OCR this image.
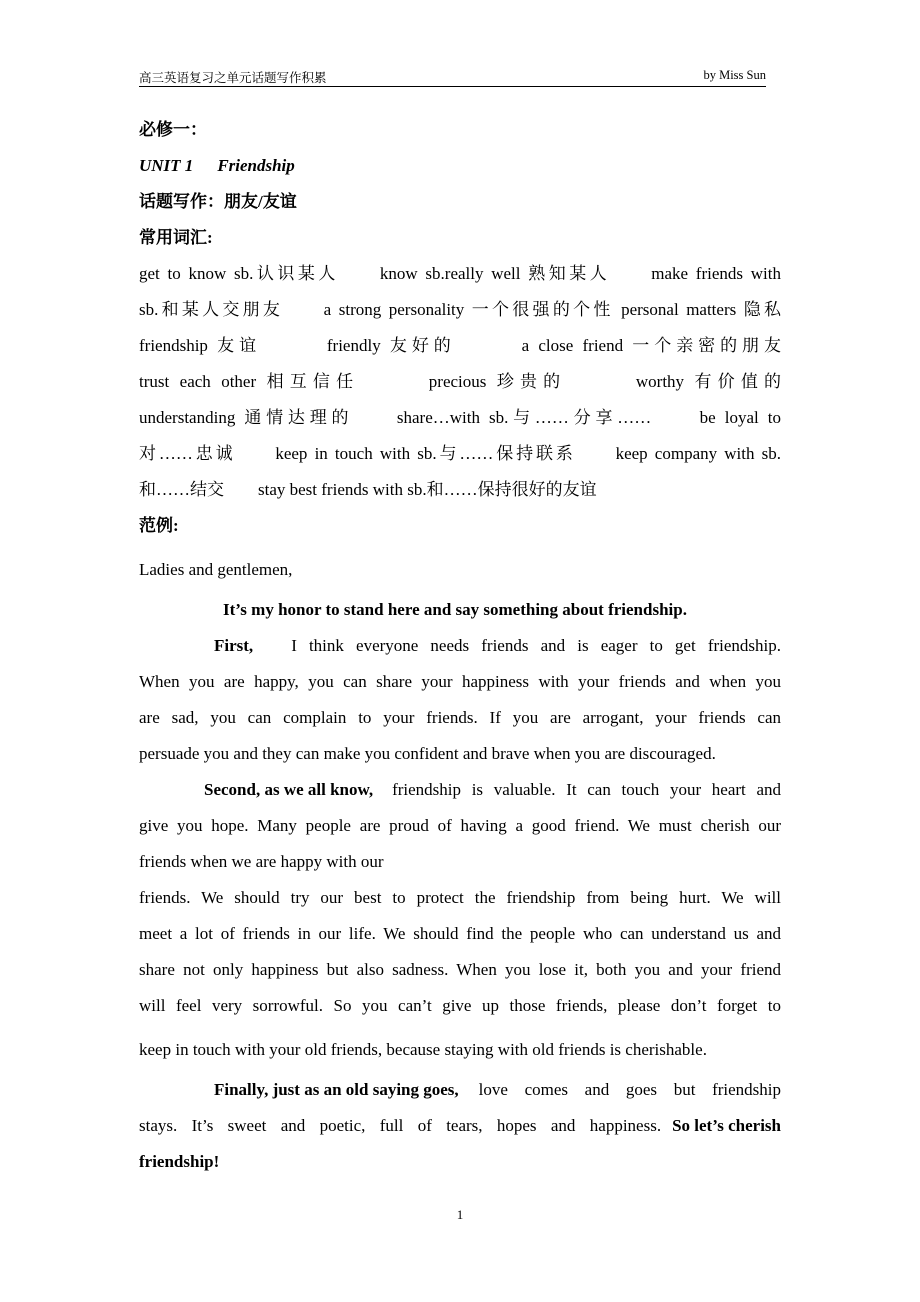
高三英语复习之单元话题写作积累	by Miss Sun
必修一：
UNIT 1 Friendship
话题写作：朋友/友谊
常用词汇:
get to know sb.认识某人　　know sb.really well 熟知某人　　make friends with
sb.和某人交朋友　　a strong personality 一个很强的个性 personal matters 隐私
friendship 友谊　　　friendly 友好的　　　a close friend 一个亲密的朋友
trust each other 相互信任　　　precious 珍贵的　　　worthy 有价值的
understanding 通情达理的　　share…with sb.与……分享……　　be loyal to
对……忠诚　　keep in touch with sb.与……保持联系　　keep company with sb.
和……结交　　stay best friends with sb.和……保持很好的友谊
范例:
Ladies and gentlemen,
It’s my honor to stand here and say something about friendship.
First, I think everyone needs friends and is eager to get friendship.
When you are happy, you can share your happiness with your friends and when you
are sad, you can complain to your friends. If you are arrogant, your friends can
persuade you and they can make you confident and brave when you are discouraged.
Second, as we all know, friendship is valuable. It can touch your heart and
give you hope. Many people are proud of having a good friend. We must cherish our
friends when we are happy with our
friends. We should try our best to protect the friendship from being hurt. We will
meet a lot of friends in our life. We should find the people who can understand us and
share not only happiness but also sadness. When you lose it, both you and your friend
will feel very sorrowful. So you can’t give up those friends, please don’t forget to
keep in touch with your old friends, because staying with old friends is cherishable.
Finally, just as an old saying goes, love comes and goes but friendship
stays. It’s sweet and poetic, full of tears, hopes and happiness. So let’s cherish
friendship!
1
